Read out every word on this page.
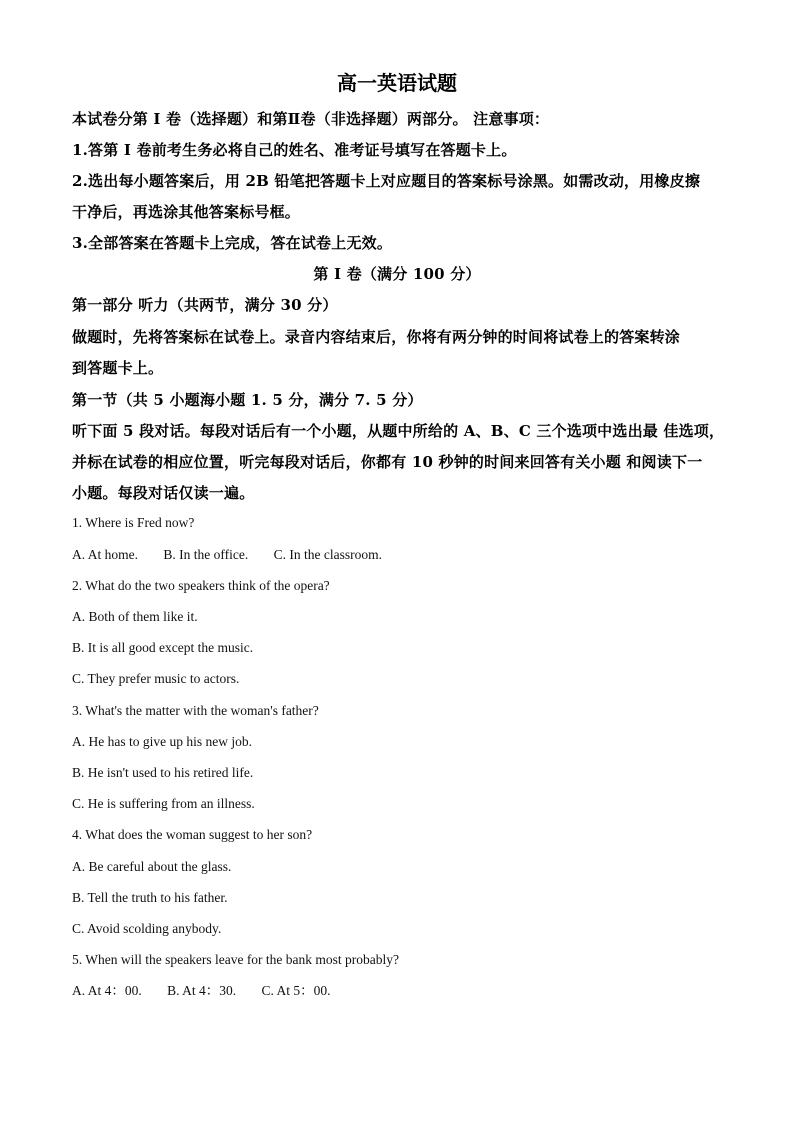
高一英语试题
本试卷分第 I 卷（选择题）和第Ⅱ卷（非选择题）两部分。 注意事项：
1.答第 I 卷前考生务必将自己的姓名、准考证号填写在答题卡上。
2.选出每小题答案后，用 2B 铅笔把答题卡上对应题目的答案标号涂黑。如需改动，用橡皮擦
干净后，再选涂其他答案标号框。
3.全部答案在答题卡上完成，答在试卷上无效。
第 I 卷（满分 100 分）
第一部分 听力（共两节，满分 30 分）
做题时，先将答案标在试卷上。录音内容结束后，你将有两分钟的时间将试卷上的答案转涂
到答题卡上。
第一节（共 5 小题海小题 1. 5 分，满分 7. 5 分）
听下面 5 段对话。每段对话后有一个小题，从题中所给的 A、B、C 三个选项中选出最 佳选项，
并标在试卷的相应位置，听完每段对话后，你都有 10 秒钟的时间来回答有关小题 和阅读下一
小题。每段对话仅读一遍。
1. Where is Fred now?
A. At home. B. In the office. C. In the classroom.
2. What do the two speakers think of the opera?
A. Both of them like it.
B. It is all good except the music.
C. They prefer music to actors.
3. What's the matter with the woman's father?
A. He has to give up his new job.
B. He isn't used to his retired life.
C. He is suffering from an illness.
4. What does the woman suggest to her son?
A. Be careful about the glass.
B. Tell the truth to his father.
C. Avoid scolding anybody.
5. When will the speakers leave for the bank most probably?
A. At 4：00. B. At 4：30. C. At 5：00.
